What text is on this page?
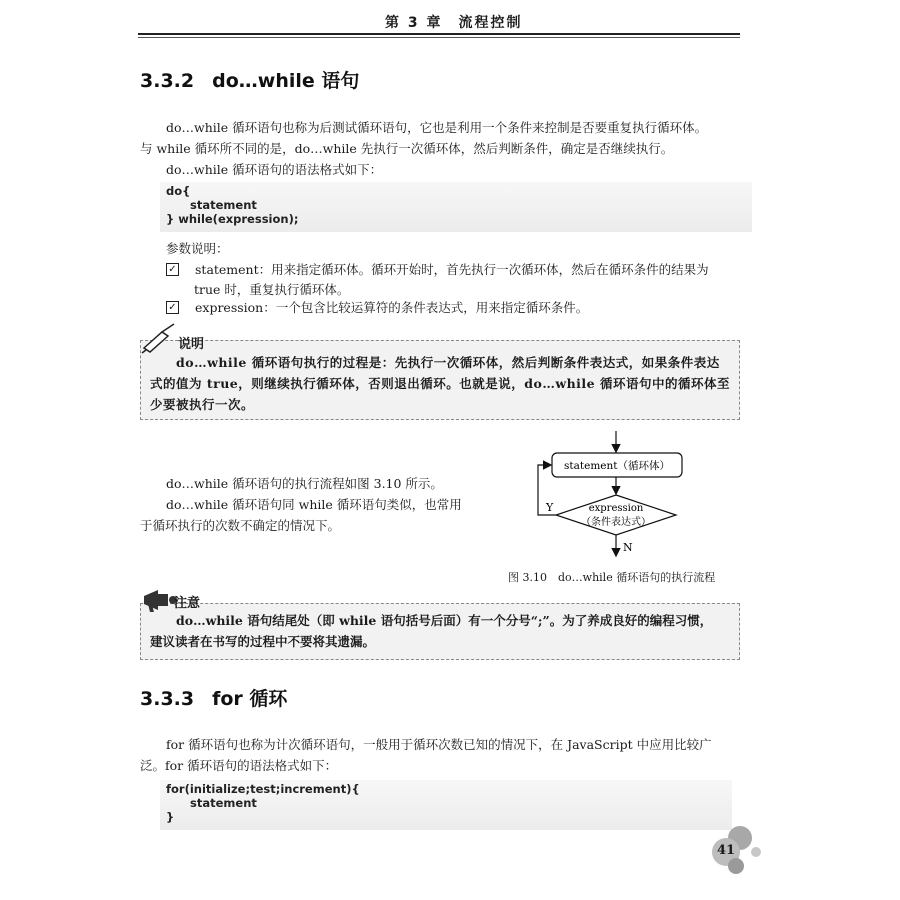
第 3 章　流程控制
3.3.2 do…while 语句
do…while 循环语句也称为后测试循环语句，它也是利用一个条件来控制是否要重复执行循环体。
与 while 循环所不同的是，do…while 先执行一次循环体，然后判断条件，确定是否继续执行。
do…while 循环语句的语法格式如下：
do{
statement
} while(expression);
参数说明：
✓ statement：用来指定循环体。循环开始时，首先执行一次循环体，然后在循环条件的结果为
true 时，重复执行循环体。
✓ expression：一个包含比较运算符的条件表达式，用来指定循环条件。
说明
do…while 循环语句执行的过程是：先执行一次循环体，然后判断条件表达式，如果条件表达
式的值为 true，则继续执行循环体，否则退出循环。也就是说，do…while 循环语句中的循环体至
少要被执行一次。
do…while 循环语句的执行流程如图 3.10 所示。
do…while 循环语句同 while 循环语句类似，也常用
于循环执行的次数不确定的情况下。
statement（循环体）
expression
（条件表达式）
Y
N
图 3.10　do…while 循环语句的执行流程
注意
do…while 语句结尾处（即 while 语句括号后面）有一个分号“;”。为了养成良好的编程习惯，
建议读者在书写的过程中不要将其遗漏。
3.3.3 for 循环
for 循环语句也称为计次循环语句，一般用于循环次数已知的情况下，在 JavaScript 中应用比较广
泛。for 循环语句的语法格式如下：
for(initialize;test;increment){
statement
}
41
